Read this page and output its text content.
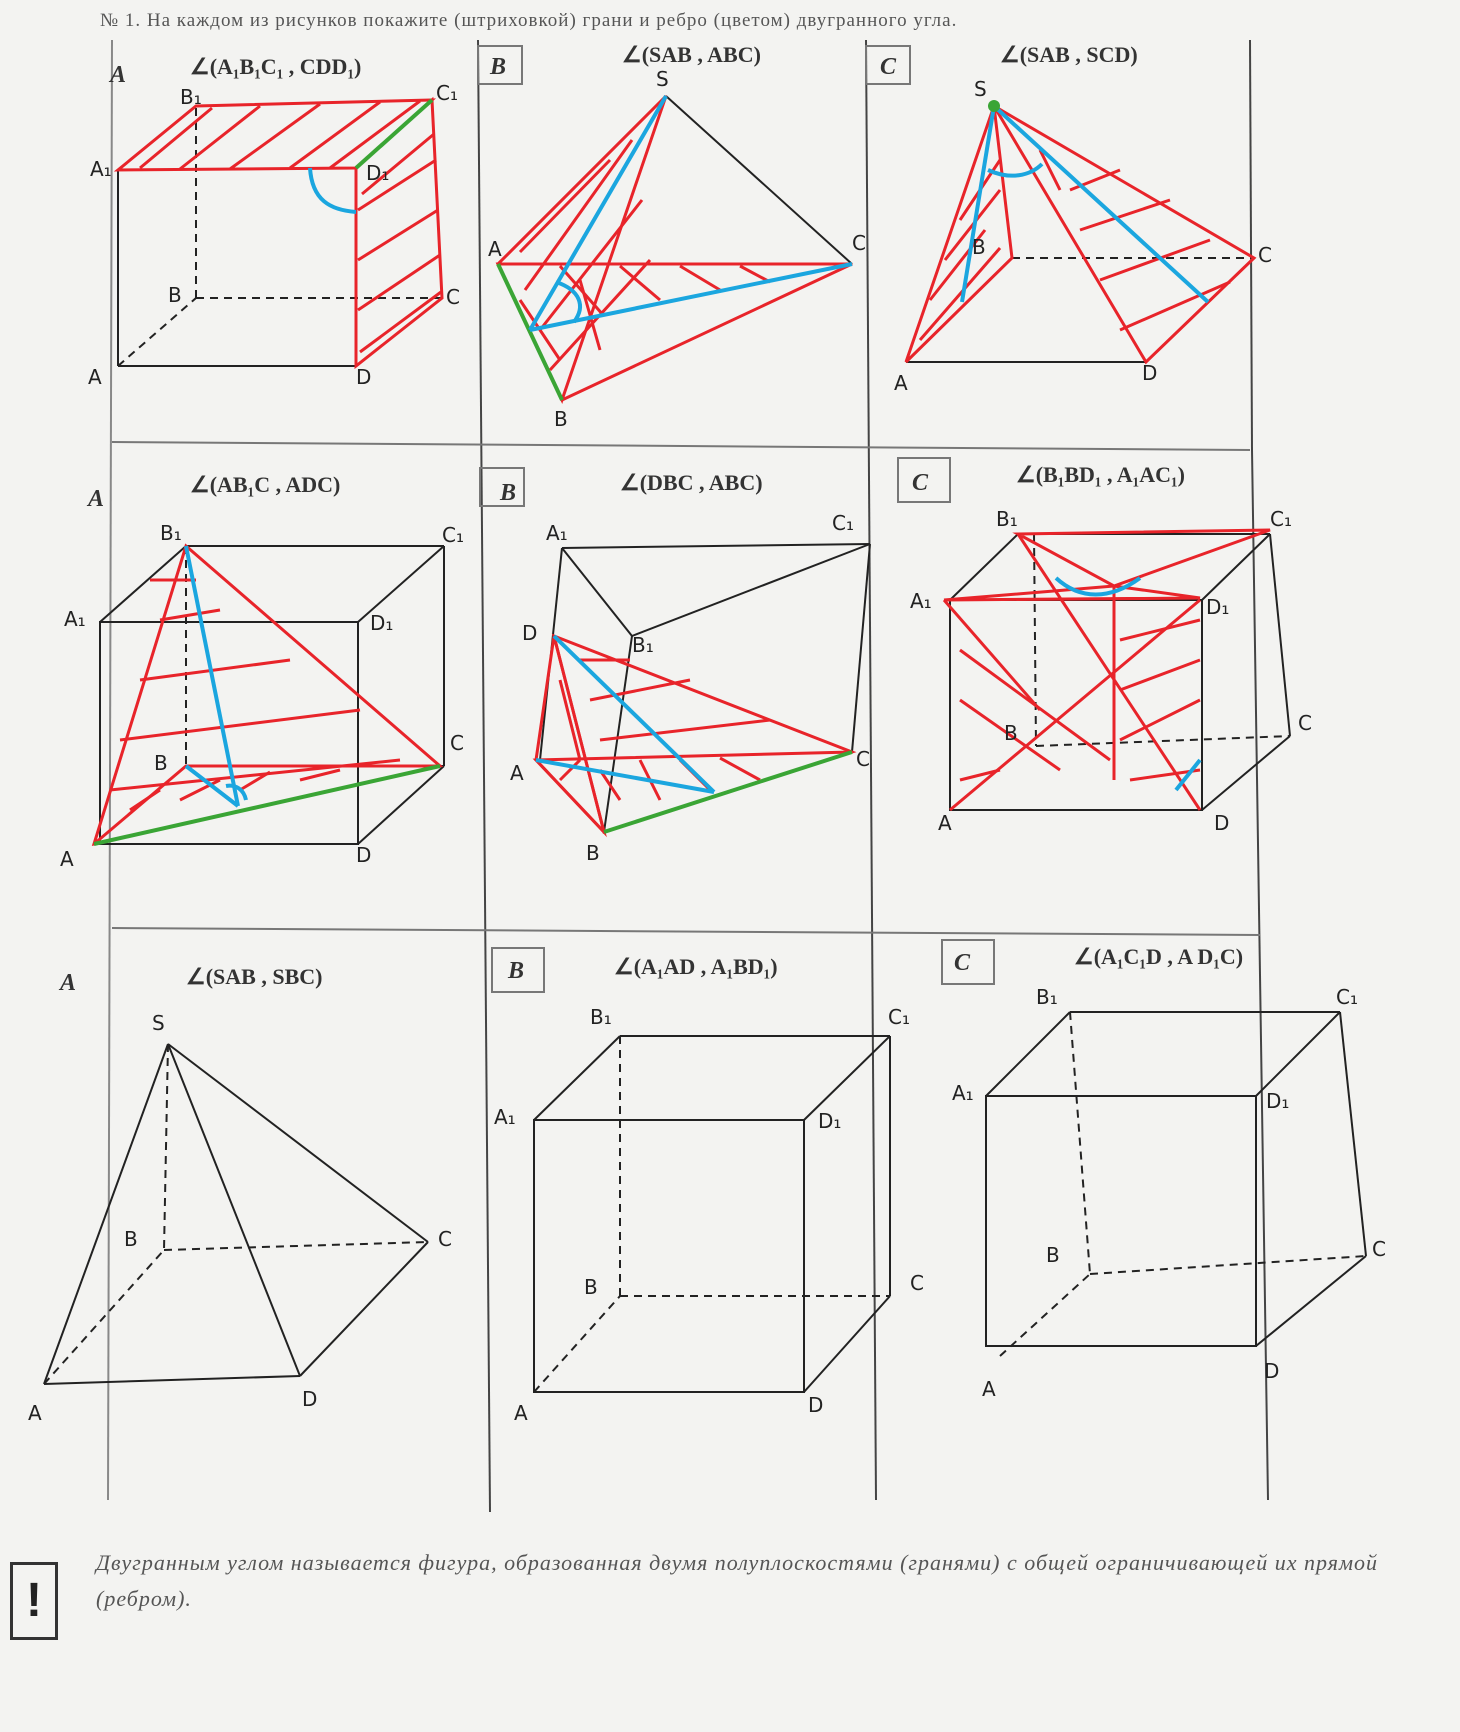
№ 1. На каждом из рисунков покажите (штриховкой) грани и ребро (цветом) двугранного угла.
A	∠(A₁B₁C₁ , CDD₁)
B₁	C₁
A₁	D₁
B	C
A	D
B	∠(SAB , ABC)
S
A	C
B
C	∠(SAB , SCD)
S
B	C
A	D
A
∠(AB₁C , ADC)
B₁	C₁
A₁	D₁
B
C
A	D
B	∠(DBC , ABC)
A₁	C₁
D	B₁
A
C
B
C	∠(B₁BD₁ , A₁AC₁)
B₁	C₁
A₁	D₁
B	C
A	D
A	∠(SAB , SBC)
S
B	C
A
D
B	∠(A₁AD , A₁BD₁)
B₁	C₁
A₁	D₁
B	C
A	D
C	∠(A₁C₁D , A D₁C)
B₁	C₁
A₁	D₁
B	C
A
D
!
Двугранным углом называется фигура, образованная двумя полуплоскостями (гранями) с общей ограничивающей их прямой (ребром).
